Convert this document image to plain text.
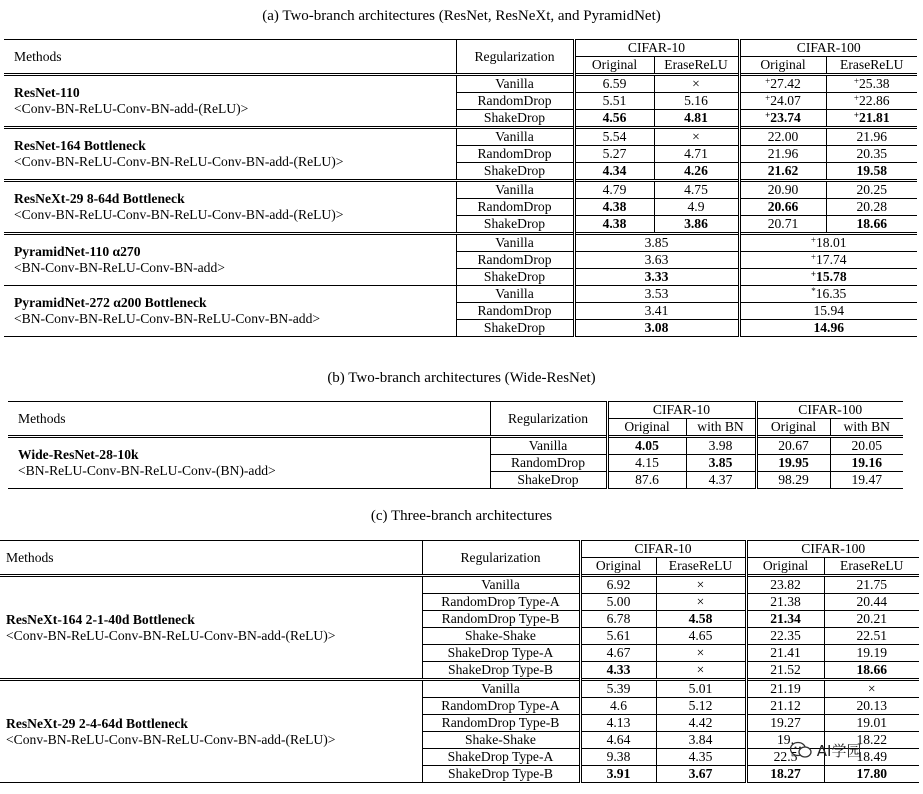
(a) Two-branch architectures (ResNet, ResNeXt, and PyramidNet)
Methods	Regularization	CIFAR-10		CIFAR-100	
		Original	EraseReLU	Original	EraseReLU

ResNet-110
<Conv-BN-ReLU-Conv-BN-add-(ReLU)>	Vanilla	6.59	×	+27.42	+25.38
	RandomDrop	5.51	5.16	+24.07	+22.86
	ShakeDrop	4.56	4.81	+23.74	+21.81

ResNet-164 Bottleneck
<Conv-BN-ReLU-Conv-BN-ReLU-Conv-BN-add-(ReLU)>	Vanilla	5.54	×	22.00	21.96
	RandomDrop	5.27	4.71	21.96	20.35
	ShakeDrop	4.34	4.26	21.62	19.58

ResNeXt-29 8-64d Bottleneck
<Conv-BN-ReLU-Conv-BN-ReLU-Conv-BN-add-(ReLU)>	Vanilla	4.79	4.75	20.90	20.25
	RandomDrop	4.38	4.9	20.66	20.28
	ShakeDrop	4.38	3.86	20.71	18.66

PyramidNet-110 α270
<BN-Conv-BN-ReLU-Conv-BN-add>	Vanilla	3.85		+18.01	
	RandomDrop	3.63		+17.74	
	ShakeDrop	3.33		+15.78	

PyramidNet-272 α200 Bottleneck
<BN-Conv-BN-ReLU-Conv-BN-ReLU-Conv-BN-add>	Vanilla	3.53		*16.35	
	RandomDrop	3.41		15.94	
	ShakeDrop	3.08		14.96	
(b) Two-branch architectures (Wide-ResNet)
Methods	Regularization	CIFAR-10		CIFAR-100	
		Original	with BN	Original	with BN

Wide-ResNet-28-10k
<BN-ReLU-Conv-BN-ReLU-Conv-(BN)-add>	Vanilla	4.05	3.98	20.67	20.05
	RandomDrop	4.15	3.85	19.95	19.16
	ShakeDrop	87.6	4.37	98.29	19.47
(c) Three-branch architectures
Methods	Regularization	CIFAR-10		CIFAR-100	
		Original	EraseReLU	Original	EraseReLU

ResNeXt-164 2-1-40d Bottleneck
<Conv-BN-ReLU-Conv-BN-ReLU-Conv-BN-add-(ReLU)>	Vanilla	6.92	×	23.82	21.75
	RandomDrop Type-A	5.00	×	21.38	20.44
	RandomDrop Type-B	6.78	4.58	21.34	20.21
	Shake-Shake	5.61	4.65	22.35	22.51
	ShakeDrop Type-A	4.67	×	21.41	19.19
	ShakeDrop Type-B	4.33	×	21.52	18.66

ResNeXt-29 2-4-64d Bottleneck
<Conv-BN-ReLU-Conv-BN-ReLU-Conv-BN-add-(ReLU)>	Vanilla	5.39	5.01	21.19	×
	RandomDrop Type-A	4.6	5.12	21.12	20.13
	RandomDrop Type-B	4.13	4.42	19.27	19.01
	Shake-Shake	4.64	3.84	19.	18.22
	ShakeDrop Type-A	9.38	4.35	22.5	18.49
	ShakeDrop Type-B	3.91	3.67	18.27	17.80
AI学园
